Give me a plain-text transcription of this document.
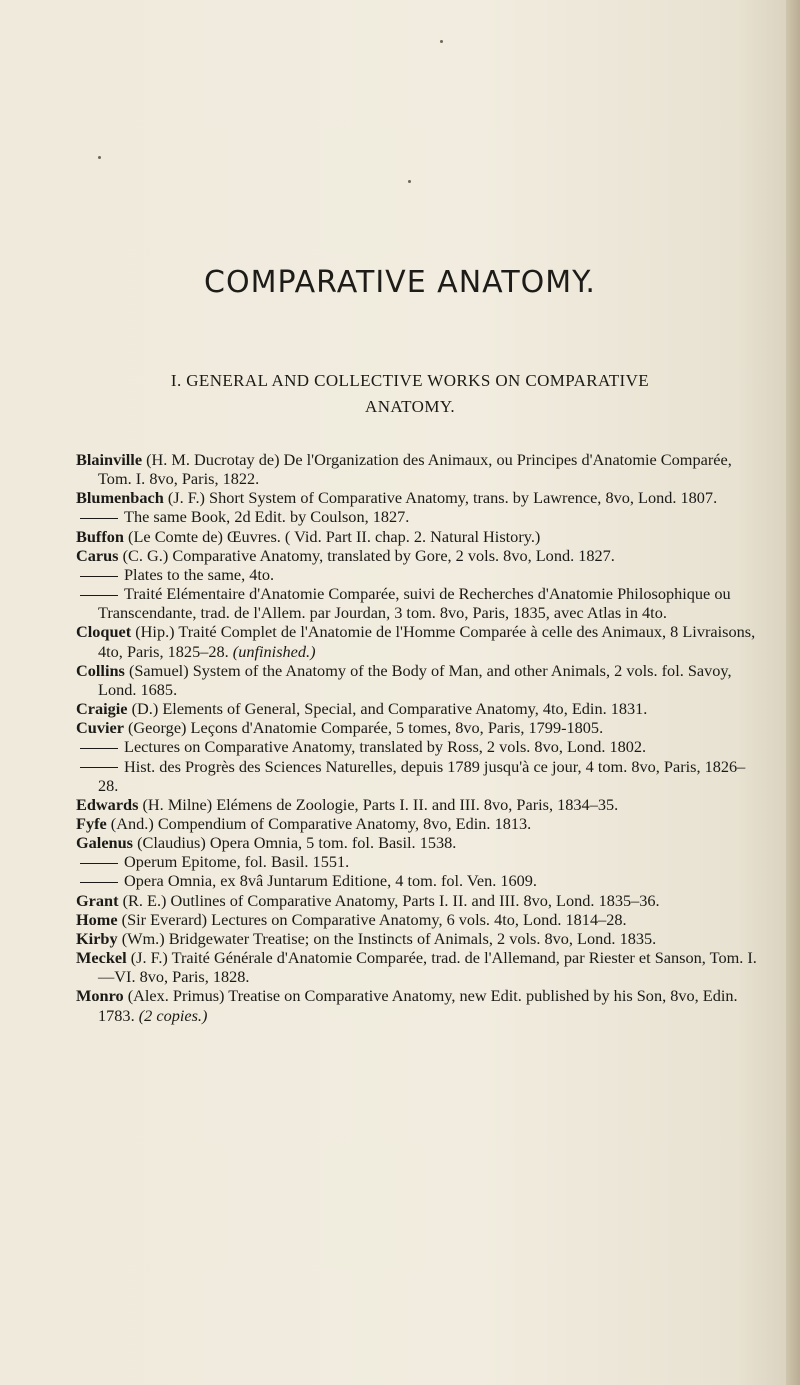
COMPARATIVE ANATOMY.
I. GENERAL AND COLLECTIVE WORKS ON COMPARATIVE
ANATOMY.

Blainville (H. M. Ducrotay de) De l'Organization des Animaux, ou Principes d'Anatomie Comparée, Tom. I. 8vo, Paris, 1822.

Blumenbach (J. F.) Short System of Comparative Anatomy, trans. by Lawrence, 8vo, Lond. 1807.

The same Book, 2d Edit. by Coulson, 1827.

Buffon (Le Comte de) Œuvres. ( Vid. Part II. chap. 2. Natural History.)

Carus (C. G.) Comparative Anatomy, translated by Gore, 2 vols. 8vo, Lond. 1827.

Plates to the same, 4to.

Traité Elémentaire d'Anatomie Comparée, suivi de Recherches d'Anatomie Philosophique ou Transcendante, trad. de l'Allem. par Jourdan, 3 tom. 8vo, Paris, 1835, avec Atlas in 4to.

Cloquet (Hip.) Traité Complet de l'Anatomie de l'Homme Comparée à celle des Animaux, 8 Livraisons, 4to, Paris, 1825–28. (unfinished.)

Collins (Samuel) System of the Anatomy of the Body of Man, and other Animals, 2 vols. fol. Savoy, Lond. 1685.

Craigie (D.) Elements of General, Special, and Comparative Anatomy, 4to, Edin. 1831.

Cuvier (George) Leçons d'Anatomie Comparée, 5 tomes, 8vo, Paris, 1799-1805.

Lectures on Comparative Anatomy, translated by Ross, 2 vols. 8vo, Lond. 1802.

Hist. des Progrès des Sciences Naturelles, depuis 1789 jusqu'à ce jour, 4 tom. 8vo, Paris, 1826–28.

Edwards (H. Milne) Elémens de Zoologie, Parts I. II. and III. 8vo, Paris, 1834–35.

Fyfe (And.) Compendium of Comparative Anatomy, 8vo, Edin. 1813.

Galenus (Claudius) Opera Omnia, 5 tom. fol. Basil. 1538.

Operum Epitome, fol. Basil. 1551.

Opera Omnia, ex 8vâ Juntarum Editione, 4 tom. fol. Ven. 1609.

Grant (R. E.) Outlines of Comparative Anatomy, Parts I. II. and III. 8vo, Lond. 1835–36.

Home (Sir Everard) Lectures on Comparative Anatomy, 6 vols. 4to, Lond. 1814–28.

Kirby (Wm.) Bridgewater Treatise; on the Instincts of Animals, 2 vols. 8vo, Lond. 1835.

Meckel (J. F.) Traité Générale d'Anatomie Comparée, trad. de l'Allemand, par Riester et Sanson, Tom. I.—VI. 8vo, Paris, 1828.

Monro (Alex. Primus) Treatise on Comparative Anatomy, new Edit. published by his Son, 8vo, Edin. 1783. (2 copies.)
